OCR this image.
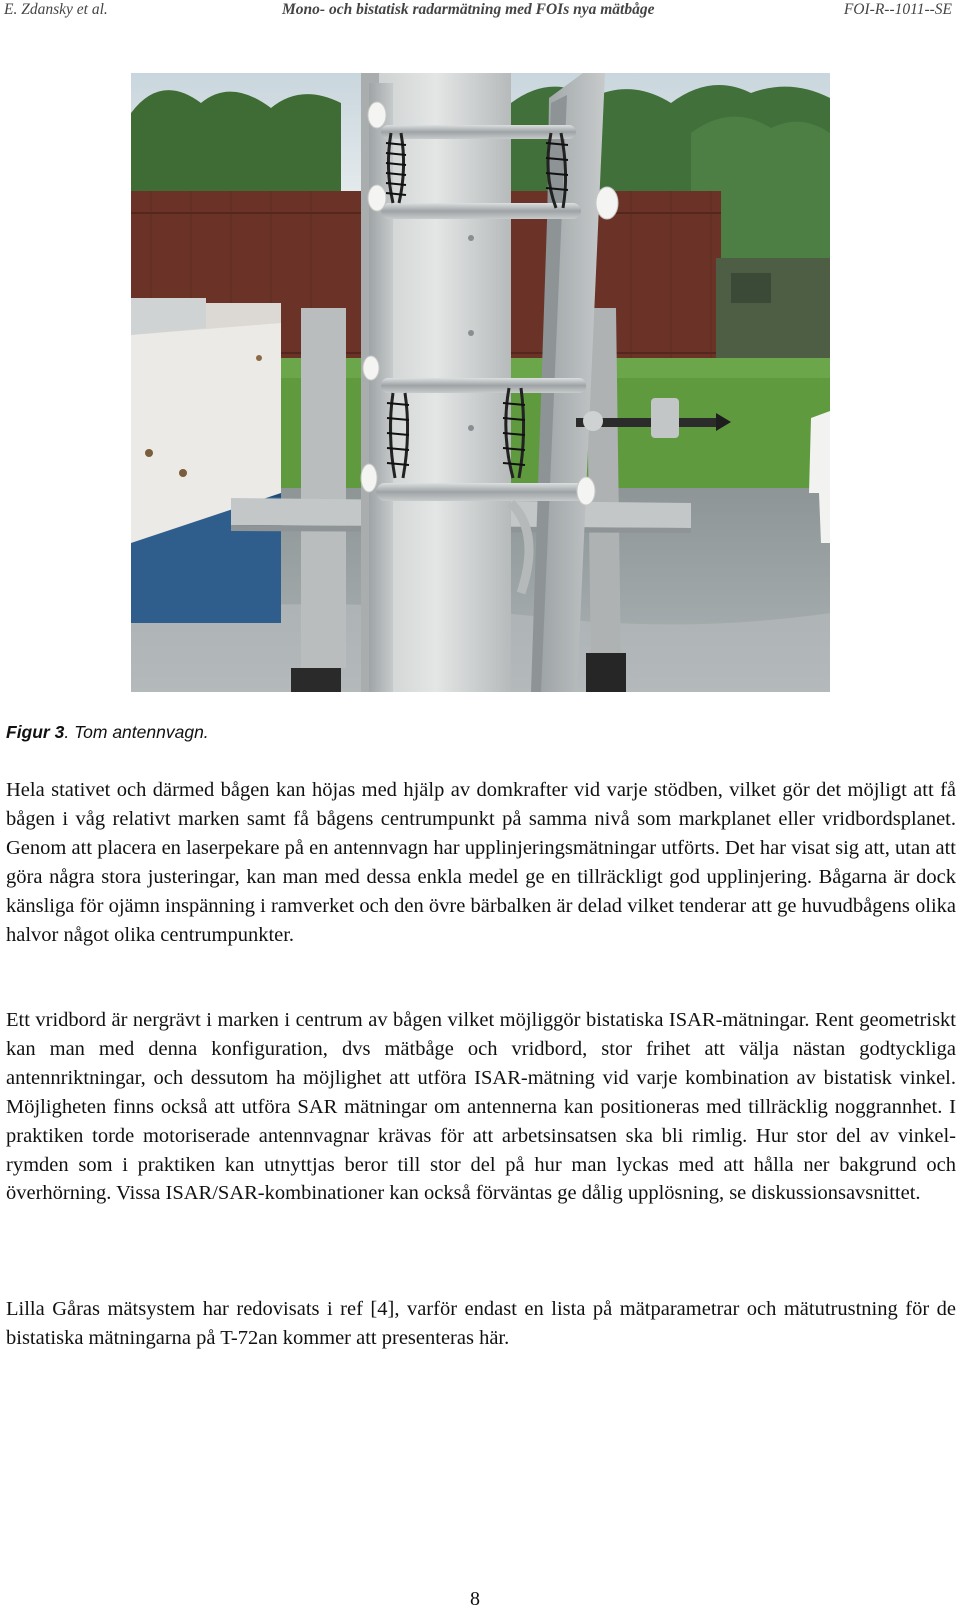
E. Zdansky et al.	Mono- och bistatisk radarmätning med FOIs nya mätbåge	FOI-R--1011--SE
Figur 3. Tom antennvagn.

Hela stativet och därmed bågen kan höjas med hjälp av domkrafter vid varje stödben, vilket gör det möjligt att få bågen i våg relativt marken samt få bågens centrumpunkt på samma nivå som markplanet eller vridbordsplanet. Genom att placera en laserpekare på en antennvagn har upplinjeringsmätningar utförts. Det har visat sig att, utan att göra några stora justeringar, kan man med dessa enkla medel ge en tillräckligt god upplinjering. Bågarna är dock känsliga för ojämn inspänning i ramverket och den övre bärbalken är delad vilket tenderar att ge huvudbågens olika halvor något olika centrumpunkter.

Ett vridbord är nergrävt i marken i centrum av bågen vilket möjliggör bistatiska ISAR-mätningar. Rent geometriskt kan man med denna konfiguration, dvs mätbåge och vridbord, stor frihet att välja nästan godtyckliga antennriktningar, och dessutom ha möjlighet att utföra ISAR-mätning vid varje kombination av bistatisk vinkel. Möjligheten finns också att utföra SAR mätningar om antennerna kan positioneras med tillräcklig noggrannhet. I praktiken torde motoriserade antennvagnar krävas för att arbetsinsatsen ska bli rimlig. Hur stor del av vinkelrymden som i praktiken kan utnyttjas beror till stor del på hur man lyckas med att hålla ner bakgrund och överhörning. Vissa ISAR/SAR-kombinationer kan också förväntas ge dålig upplösning, se diskussionsavsnittet.

Lilla Gåras mätsystem har redovisats i ref [4], varför endast en lista på mätparametrar och mätutrustning för de bistatiska mätningarna på T-72an kommer att presenteras här.

8
